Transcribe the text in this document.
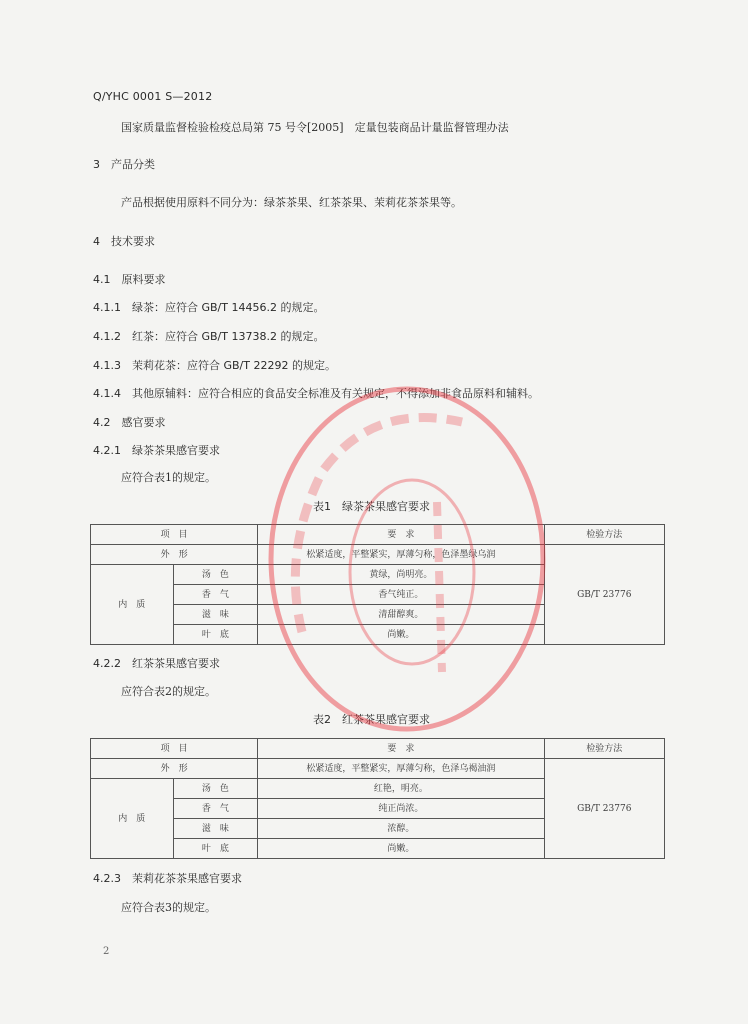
Q/YHC 0001 S—2012
国家质量监督检验检疫总局第 75 号令[2005]　定量包装商品计量监督管理办法
3　产品分类
产品根据使用原料不同分为：绿茶茶果、红茶茶果、茉莉花茶茶果等。
4　技术要求
4.1　原料要求
4.1.1　绿茶：应符合 GB/T 14456.2 的规定。
4.1.2　红茶：应符合 GB/T 13738.2 的规定。
4.1.3　茉莉花茶：应符合 GB/T 22292 的规定。
4.1.4　其他原辅料：应符合相应的食品安全标准及有关规定，不得添加非食品原料和辅料。
4.2　感官要求
4.2.1　绿茶茶果感官要求
应符合表1的规定。
表1　绿茶茶果感官要求
项　目		要　求	检验方法
外　形		松紧适度，平整紧实，厚薄匀称，色泽墨绿乌润	GB/T 23776
内　质	汤　色	黄绿，尚明亮。	
	香　气	香气纯正。	
	滋　味	清甜醇爽。	
	叶　底	尚嫩。	
4.2.2　红茶茶果感官要求
应符合表2的规定。
表2　红茶茶果感官要求
项　目		要　求	检验方法
外　形		松紧适度，平整紧实，厚薄匀称，色泽乌褐油润	GB/T 23776
内　质	汤　色	红艳，明亮。	
	香　气	纯正尚浓。	
	滋　味	浓醇。	
	叶　底	尚嫩。	
4.2.3　茉莉花茶茶果感官要求
应符合表3的规定。
2
